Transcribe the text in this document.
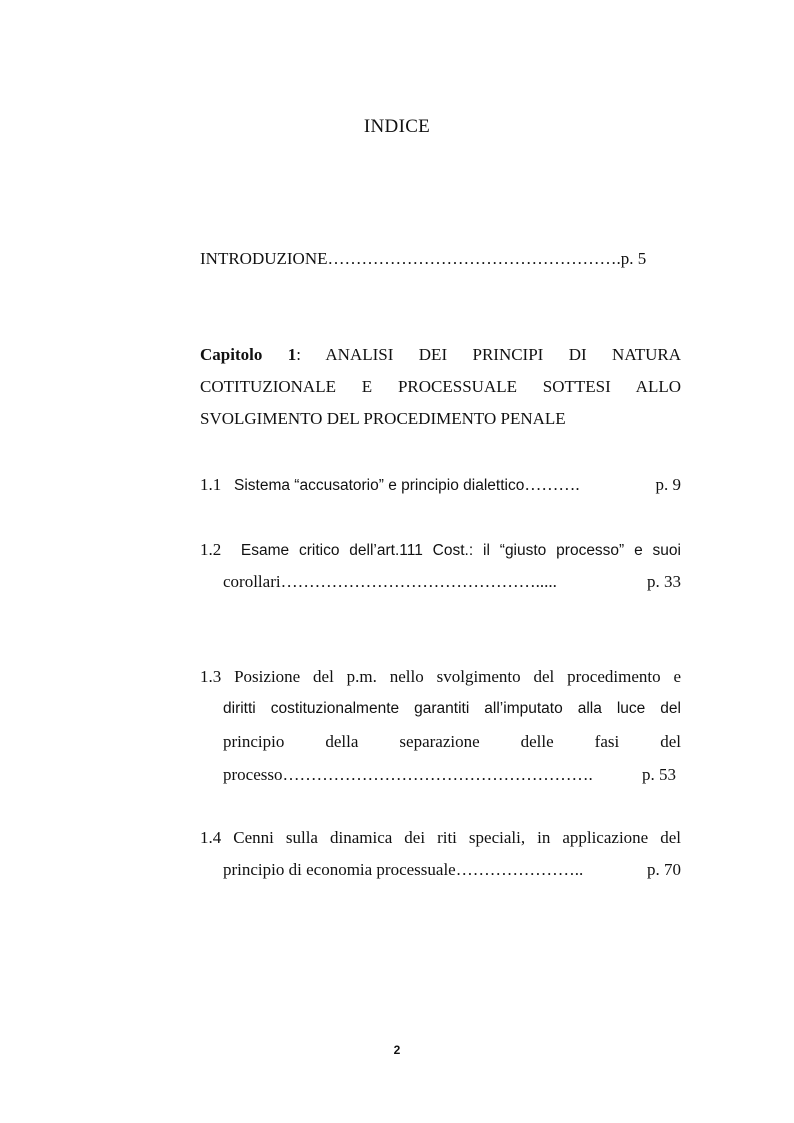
INDICE
INTRODUZIONE…………………………………………….p. 5
Capitolo 1: ANALISI DEI PRINCIPI DI NATURA
COTITUZIONALE E PROCESSUALE SOTTESI ALLO
SVOLGIMENTO DEL PROCEDIMENTO PENALE
1.1 Sistema “accusatorio” e principio dialettico……….	p. 9
1.2 Esame critico dell’art.111 Cost.: il “giusto processo” e suoi
corollari……………………………………….....	p. 33
1.3 Posizione del p.m. nello svolgimento del procedimento e
diritti costituzionalmente garantiti all’imputato alla luce del
principio della separazione delle fasi del
processo……………………………………………….	p. 53
1.4 Cenni sulla dinamica dei riti speciali, in applicazione del
principio di economia processuale…………………..	p. 70
2
